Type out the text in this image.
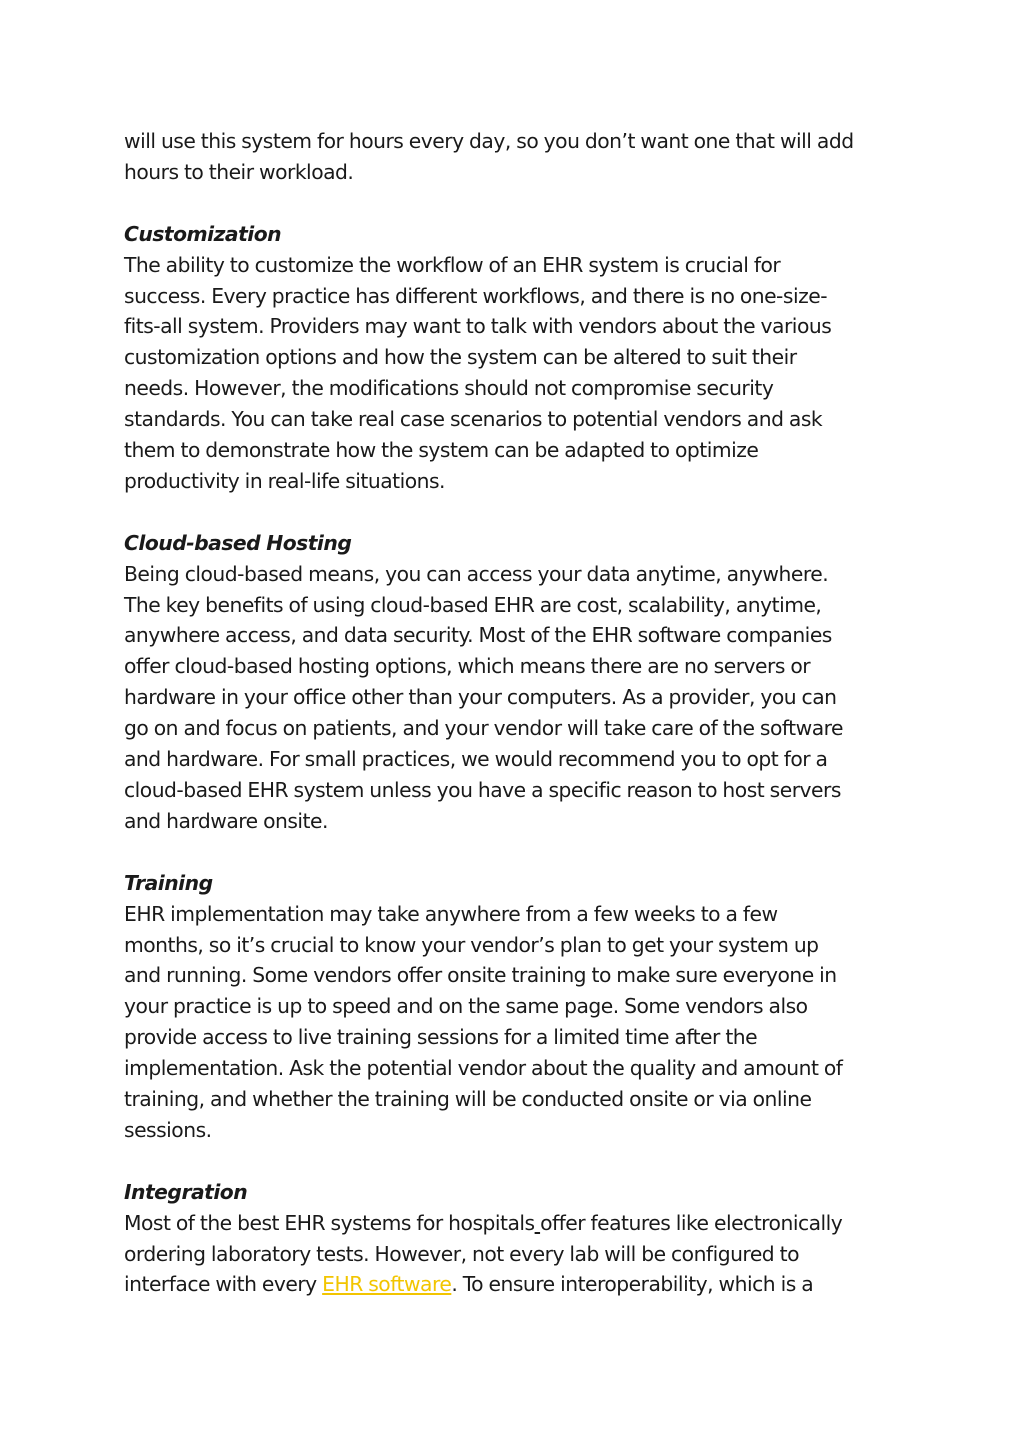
will use this system for hours every day, so you don’t want one that will add
hours to their workload.
Customization
The ability to customize the workflow of an EHR system is crucial for
success. Every practice has different workflows, and there is no one-size-
fits-all system. Providers may want to talk with vendors about the various
customization options and how the system can be altered to suit their
needs. However, the modifications should not compromise security
standards. You can take real case scenarios to potential vendors and ask
them to demonstrate how the system can be adapted to optimize
productivity in real-life situations.
Cloud-based Hosting
Being cloud-based means, you can access your data anytime, anywhere.
The key benefits of using cloud-based EHR are cost, scalability, anytime,
anywhere access, and data security. Most of the EHR software companies
offer cloud-based hosting options, which means there are no servers or
hardware in your office other than your computers. As a provider, you can
go on and focus on patients, and your vendor will take care of the software
and hardware. For small practices, we would recommend you to opt for a
cloud-based EHR system unless you have a specific reason to host servers
and hardware onsite.
Training
EHR implementation may take anywhere from a few weeks to a few
months, so it’s crucial to know your vendor’s plan to get your system up
and running. Some vendors offer onsite training to make sure everyone in
your practice is up to speed and on the same page. Some vendors also
provide access to live training sessions for a limited time after the
implementation. Ask the potential vendor about the quality and amount of
training, and whether the training will be conducted onsite or via online
sessions.
Integration
Most of the best EHR systems for hospitals offer features like electronically
ordering laboratory tests. However, not every lab will be configured to
interface with every EHR software. To ensure interoperability, which is a
